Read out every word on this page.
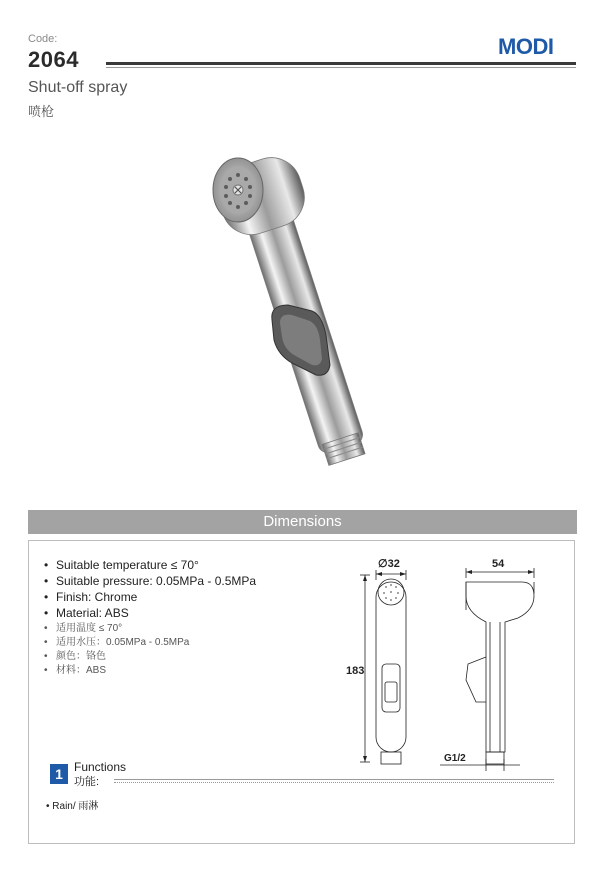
Code:
2064
MODI
Shut-off spray
喷枪
Dimensions
• Suitable temperature ≤ 70°
• Suitable pressure: 0.05MPa - 0.5MPa
• Finish: Chrome
• Material: ABS
• 适用温度 ≤ 70°
• 适用水压：0.05MPa - 0.5MPa
• 颜色：铬色
• 材料：ABS
∅32	54
183
G1/2
1 Functions
功能:
• Rain/ 雨淋
